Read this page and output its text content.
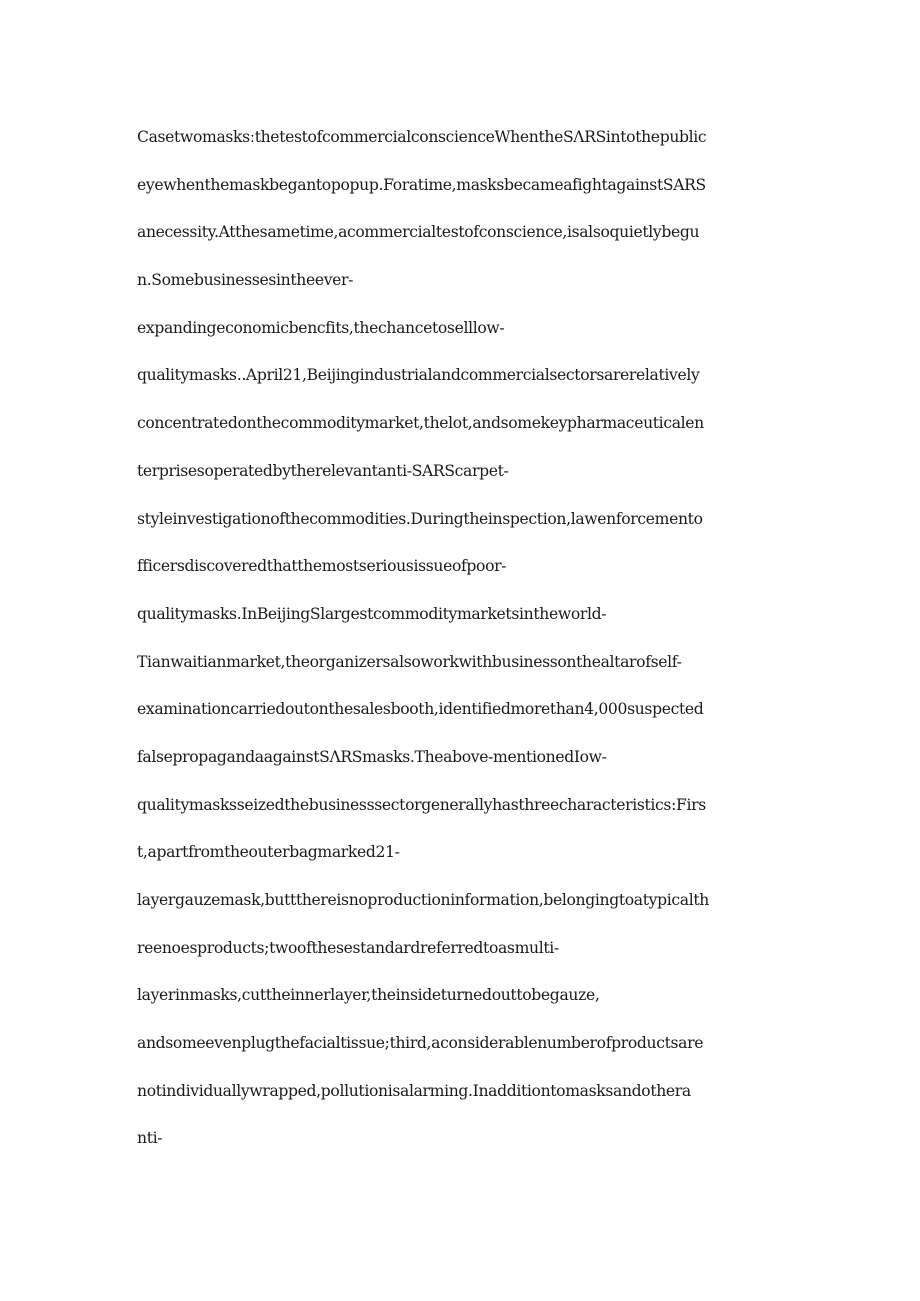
CasetwomasksːthetestofcommercialconscienceWhentheSΛRSintothepublic
eyewhenthemaskbegantopopup.Foratime,masksbecameafightagainstSARS
anecessity.Atthesametime,acommercialtestofconscience,isalsoquietlybegu
n.Somebusinessesintheever-
expandingeconomicbencfits,thechancetoselllow-
qualitymasks..April21,Beijingindustrialandcommercialsectorsarerelatively
concentratedonthecommoditymarket,thelot,andsomekeypharmaceuticalen
terprisesoperatedbytherelevantanti-SARScarpet-
styleinvestigationofthecommodities.Duringtheinspection,lawenforcemento
fficersdiscoveredthatthemostseriousissueofpoor-
qualitymasks.InBeijingSlargestcommoditymarketsintheworld-
Tianwaitianmarket,theorganizersalsoworkwithbusinessonthealtarofself-
examinationcarriedoutonthesalesbooth,identifiedmorethan4,000suspected
falsepropagandaagainstSΛRSmasks.Theabove-mentionedIow-
qualitymasksseizedthebusinesssectorgenerallyhasthreecharacteristics:Firs
t,apartfromtheouterbagmarked21-
layergauzemask,buttthereisnoproductioninformation,belongingtoatypicalth
reenoesproducts;twoofthesestandardreferredtoasmulti-
layerinmasks,cuttheinnerlayer,theinsideturnedouttobegauze,
andsomeevenplugthefacialtissue;third,aconsiderablenumberofproductsare
notindividuallywrapped,pollutionisalarming.Inadditiontomasksandothera
nti-
